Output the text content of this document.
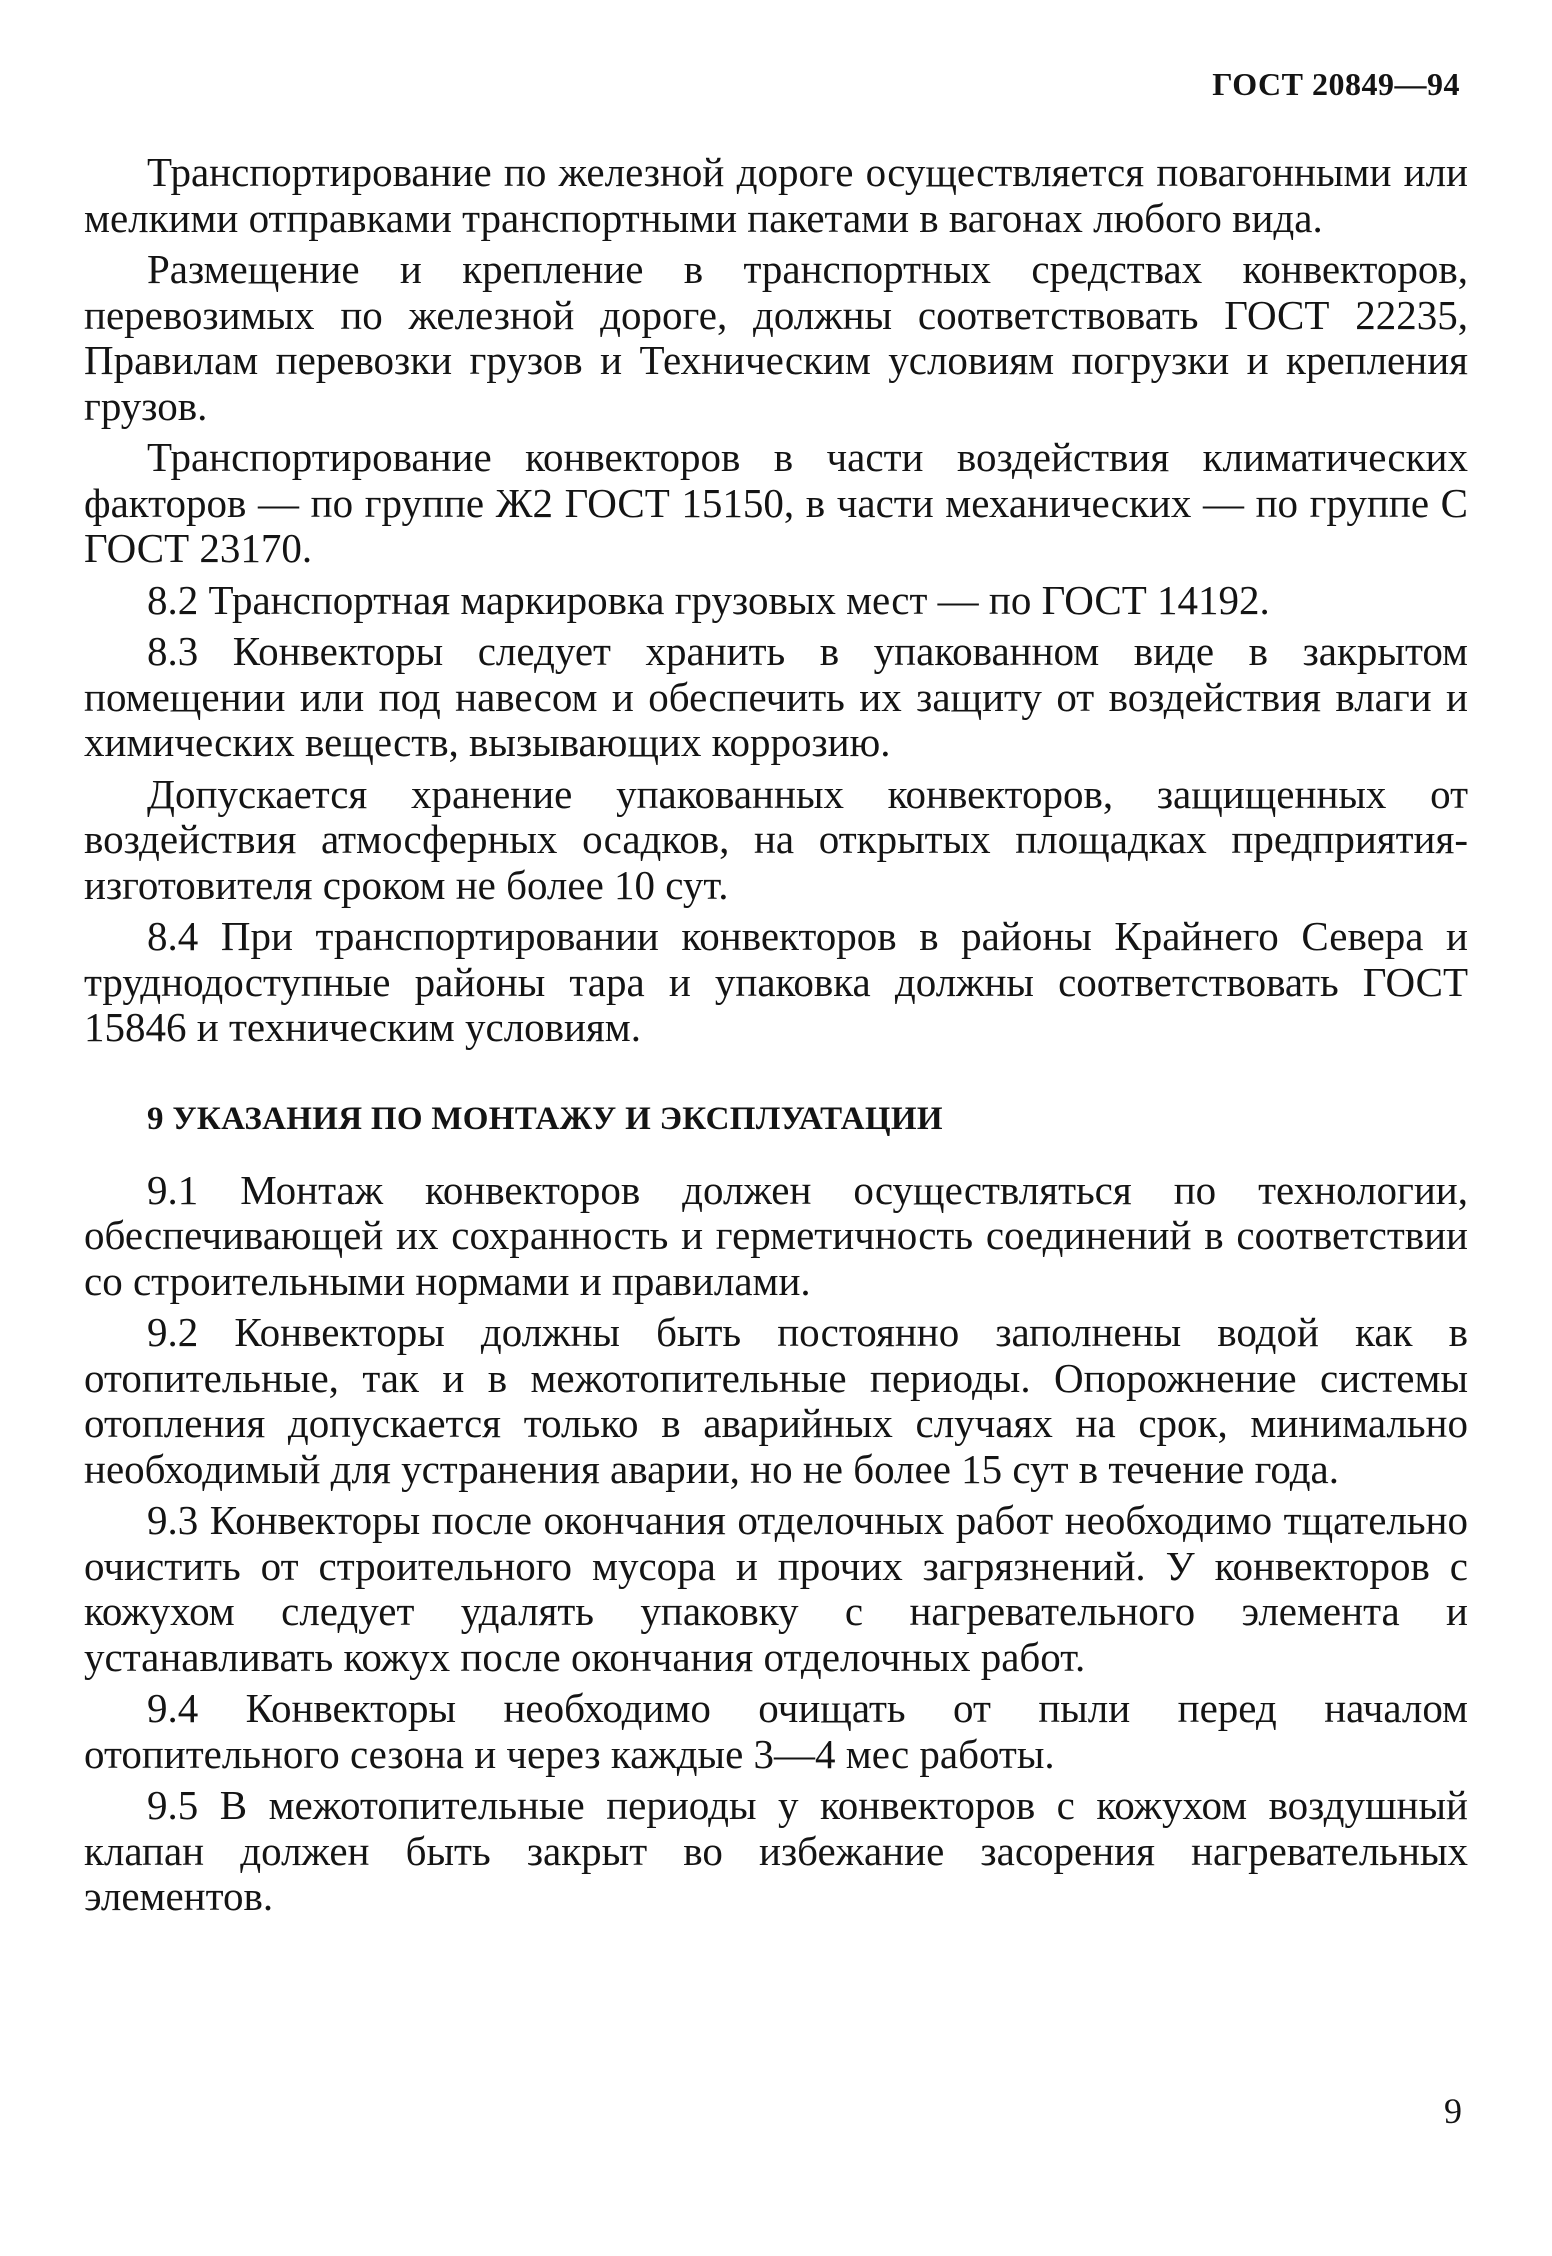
ГОСТ 20849—94

Транспортирование по железной дороге осуществляется повагонными или мелкими отправками транспортными пакетами в вагонах любого вида.

Размещение и крепление в транспортных средствах конвекторов, перевозимых по железной дороге, должны соответствовать ГОСТ 22235, Правилам перевозки грузов и Техническим условиям погрузки и крепления грузов.

Транспортирование конвекторов в части воздействия климатических факторов — по группе Ж2 ГОСТ 15150, в части механических — по группе С ГОСТ 23170.

8.2 Транспортная маркировка грузовых мест — по ГОСТ 14192.

8.3 Конвекторы следует хранить в упакованном виде в закрытом помещении или под навесом и обеспечить их защиту от воздействия влаги и химических веществ, вызывающих коррозию.

Допускается хранение упакованных конвекторов, защищенных от воздействия атмосферных осадков, на открытых площадках предприятия-изготовителя сроком не более 10 сут.

8.4 При транспортировании конвекторов в районы Крайнего Севера и труднодоступные районы тара и упаковка должны соответствовать ГОСТ 15846 и техническим условиям.

9 УКАЗАНИЯ ПО МОНТАЖУ И ЭКСПЛУАТАЦИИ

9.1 Монтаж конвекторов должен осуществляться по технологии, обеспечивающей их сохранность и герметичность соединений в соответствии со строительными нормами и правилами.

9.2 Конвекторы должны быть постоянно заполнены водой как в отопительные, так и в межотопительные периоды. Опорожнение системы отопления допускается только в аварийных случаях на срок, минимально необходимый для устранения аварии, но не более 15 сут в течение года.

9.3 Конвекторы после окончания отделочных работ необходимо тщательно очистить от строительного мусора и прочих загрязнений. У конвекторов с кожухом следует удалять упаковку с нагревательного элемента и устанавливать кожух после окончания отделочных работ.

9.4 Конвекторы необходимо очищать от пыли перед началом отопительного сезона и через каждые 3—4 мес работы.

9.5 В межотопительные периоды у конвекторов с кожухом воздушный клапан должен быть закрыт во избежание засорения нагревательных элементов.

9
